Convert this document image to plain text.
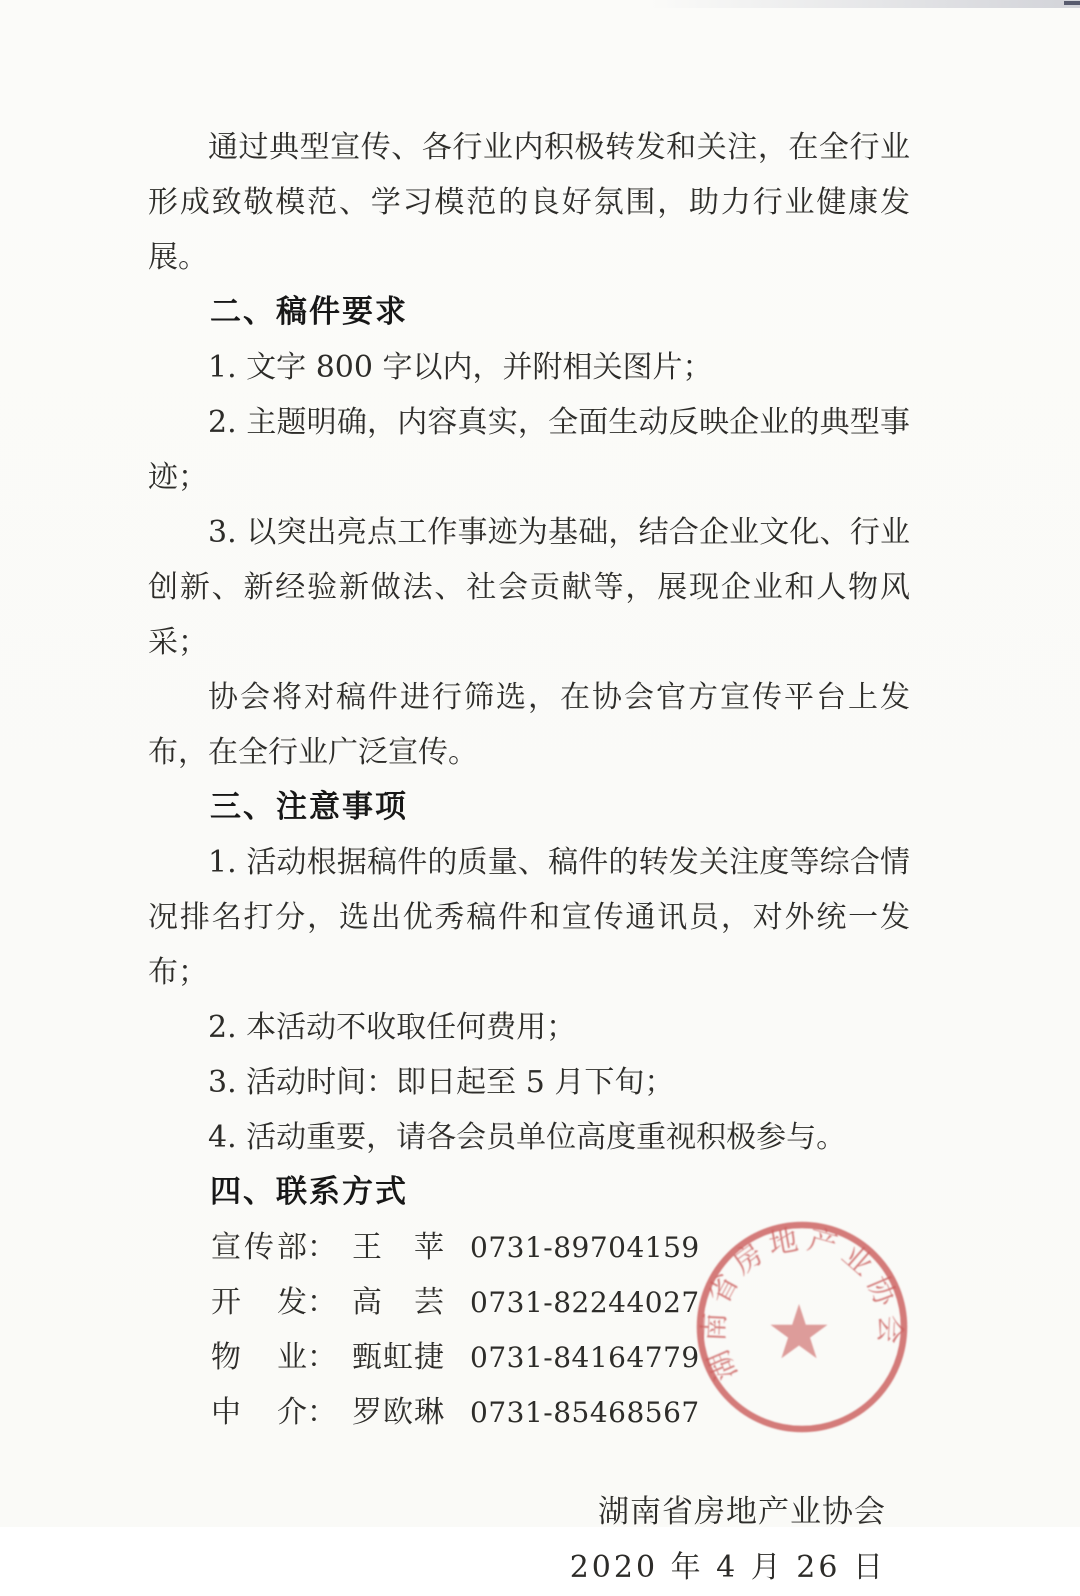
通过典型宣传、各行业内积极转发和关注，在全行业形成致敬模范、学习模范的良好氛围，助力行业健康发展。

二、稿件要求

1. 文字 800 字以内，并附相关图片；

2. 主题明确，内容真实，全面生动反映企业的典型事迹；

3. 以突出亮点工作事迹为基础，结合企业文化、行业创新、新经验新做法、社会贡献等，展现企业和人物风采；

协会将对稿件进行筛选，在协会官方宣传平台上发布，在全行业广泛宣传。

三、注意事项

1. 活动根据稿件的质量、稿件的转发关注度等综合情况排名打分，选出优秀稿件和宣传通讯员，对外统一发布；

2. 本活动不收取任何费用；

3. 活动时间：即日起至 5 月下旬；

4. 活动重要，请各会员单位高度重视积极参与。

四、联系方式

宣传部 ： 王苹 0731-89704159
开发 ： 高芸 0731-82244027
物业 ： 甄虹捷 0731-84164779
中介 ： 罗欧琳 0731-85468567

湖南省房地产业协会

2020 年 4 月 26 日

湖南省房地产业协会
